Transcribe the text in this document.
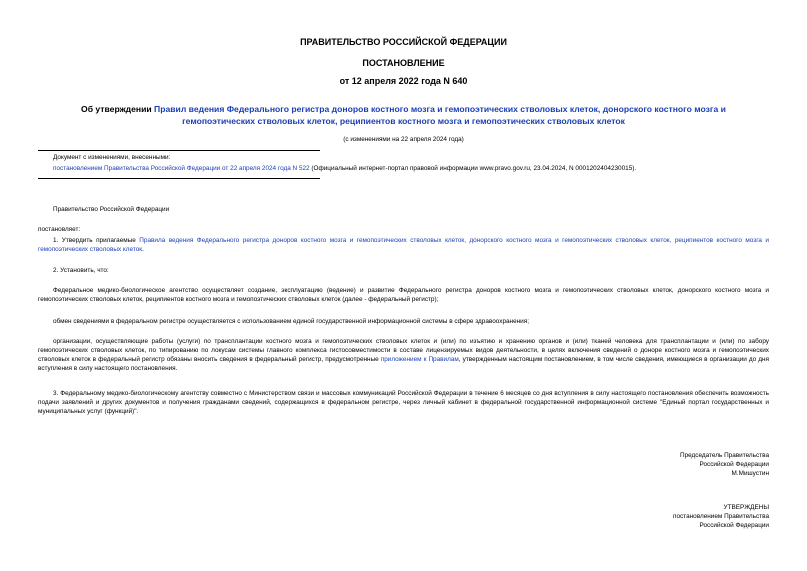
ПРАВИТЕЛЬСТВО РОССИЙСКОЙ ФЕДЕРАЦИИ
ПОСТАНОВЛЕНИЕ
от 12 апреля 2022 года N 640
Об утверждении Правил ведения Федерального регистра доноров костного мозга и гемопоэтических стволовых клеток, донорского костного мозга и гемопоэтических стволовых клеток, реципиентов костного мозга и гемопоэтических стволовых клеток
(с изменениями на 22 апреля 2024 года)
Документ с изменениями, внесенными:
постановлением Правительства Российской Федерации от 22 апреля 2024 года N 522 (Официальный интернет-портал правовой информации www.pravo.gov.ru, 23.04.2024, N 0001202404230015).
Правительство Российской Федерации
постановляет:
1. Утвердить прилагаемые Правила ведения Федерального регистра доноров костного мозга и гемопоэтических стволовых клеток, донорского костного мозга и гемопоэтических стволовых клеток, реципиентов костного мозга и гемопоэтических стволовых клеток.
2. Установить, что:
Федеральное медико-биологическое агентство осуществляет создание, эксплуатацию (ведение) и развитие Федерального регистра доноров костного мозга и гемопоэтических стволовых клеток, донорского костного мозга и гемопоэтических стволовых клеток, реципиентов костного мозга и гемопоэтических стволовых клеток (далее - федеральный регистр);
обмен сведениями в федеральном регистре осуществляется с использованием единой государственной информационной системы в сфере здравоохранения;
организации, осуществляющие работы (услуги) по трансплантации костного мозга и гемопоэтических стволовых клеток и (или) по изъятию и хранению органов и (или) тканей человека для трансплантации и (или) по забору гемопоэтических стволовых клеток, по типированию по локусам системы главного комплекса гистосовместимости в составе лицензируемых видов деятельности, в целях включения сведений о доноре костного мозга и гемопоэтических стволовых клеток в федеральный регистр обязаны вносить сведения в федеральный регистр, предусмотренные приложением к Правилам, утвержденным настоящим постановлением, в том числе сведения, имеющиеся в организации до дня вступления в силу настоящего постановления.
3. Федеральному медико-биологическому агентству совместно с Министерством связи и массовых коммуникаций Российской Федерации в течение 6 месяцев со дня вступления в силу настоящего постановления обеспечить возможность подачи заявлений и других документов и получения гражданами сведений, содержащихся в федеральном регистре, через личный кабинет в федеральной государственной информационной системе "Единый портал государственных и муниципальных услуг (функций)".
Председатель Правительства
Российской Федерации
М.Мишустин
УТВЕРЖДЕНЫ
постановлением Правительства
Российской Федерации
